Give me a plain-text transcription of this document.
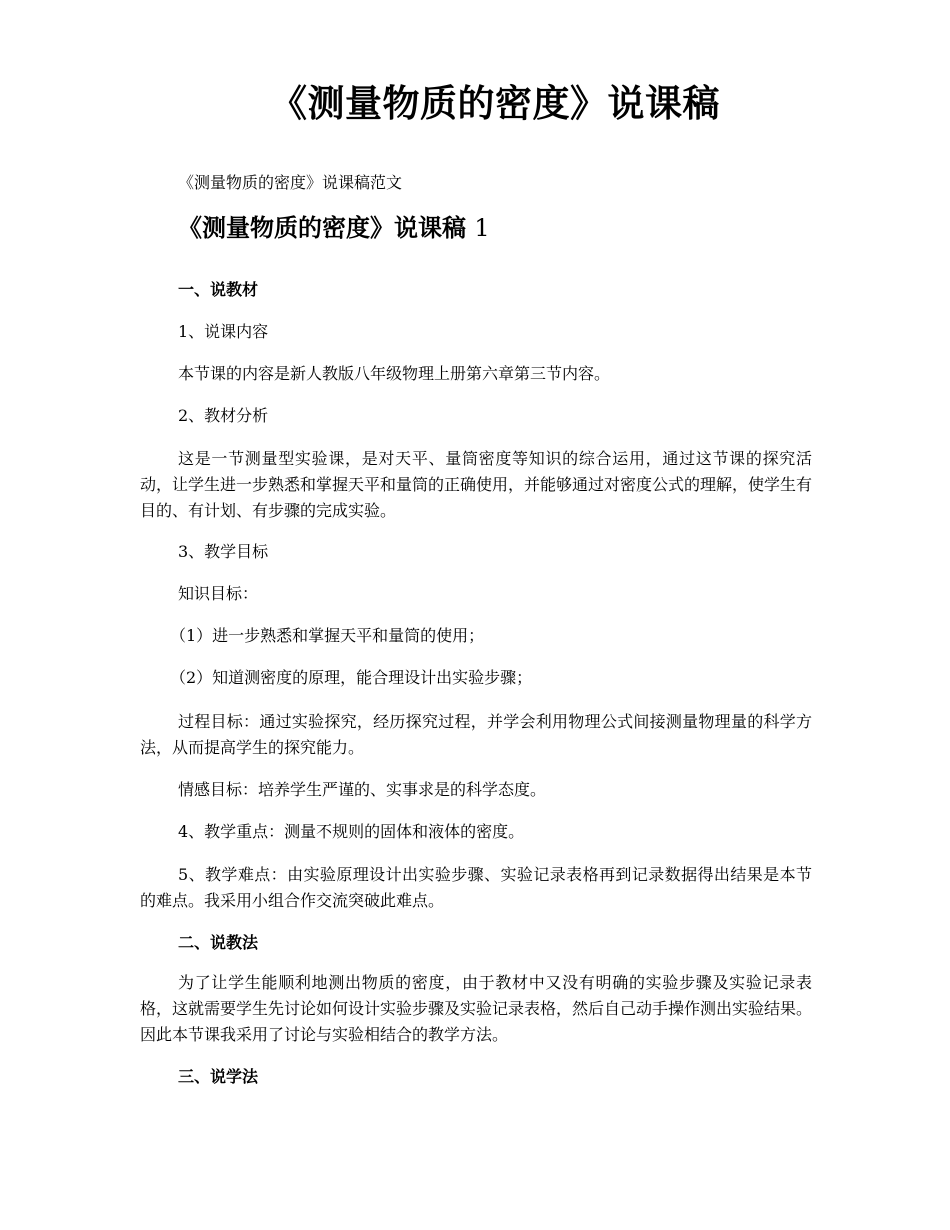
《测量物质的密度》说课稿
《测量物质的密度》说课稿范文
《测量物质的密度》说课稿 1
一、说教材
1、说课内容
本节课的内容是新人教版八年级物理上册第六章第三节内容。
2、教材分析
这是一节测量型实验课，是对天平、量筒密度等知识的综合运用，通过这节课的探究活动，让学生进一步熟悉和掌握天平和量筒的正确使用，并能够通过对密度公式的理解，使学生有目的、有计划、有步骤的完成实验。
3、教学目标
知识目标：
（1）进一步熟悉和掌握天平和量筒的使用；
（2）知道测密度的原理，能合理设计出实验步骤；
过程目标：通过实验探究，经历探究过程，并学会利用物理公式间接测量物理量的科学方法，从而提高学生的探究能力。
情感目标：培养学生严谨的、实事求是的科学态度。
4、教学重点：测量不规则的固体和液体的密度。
5、教学难点：由实验原理设计出实验步骤、实验记录表格再到记录数据得出结果是本节的难点。我采用小组合作交流突破此难点。
二、说教法
为了让学生能顺利地测出物质的密度，由于教材中又没有明确的实验步骤及实验记录表格，这就需要学生先讨论如何设计实验步骤及实验记录表格，然后自己动手操作测出实验结果。因此本节课我采用了讨论与实验相结合的教学方法。
三、说学法
